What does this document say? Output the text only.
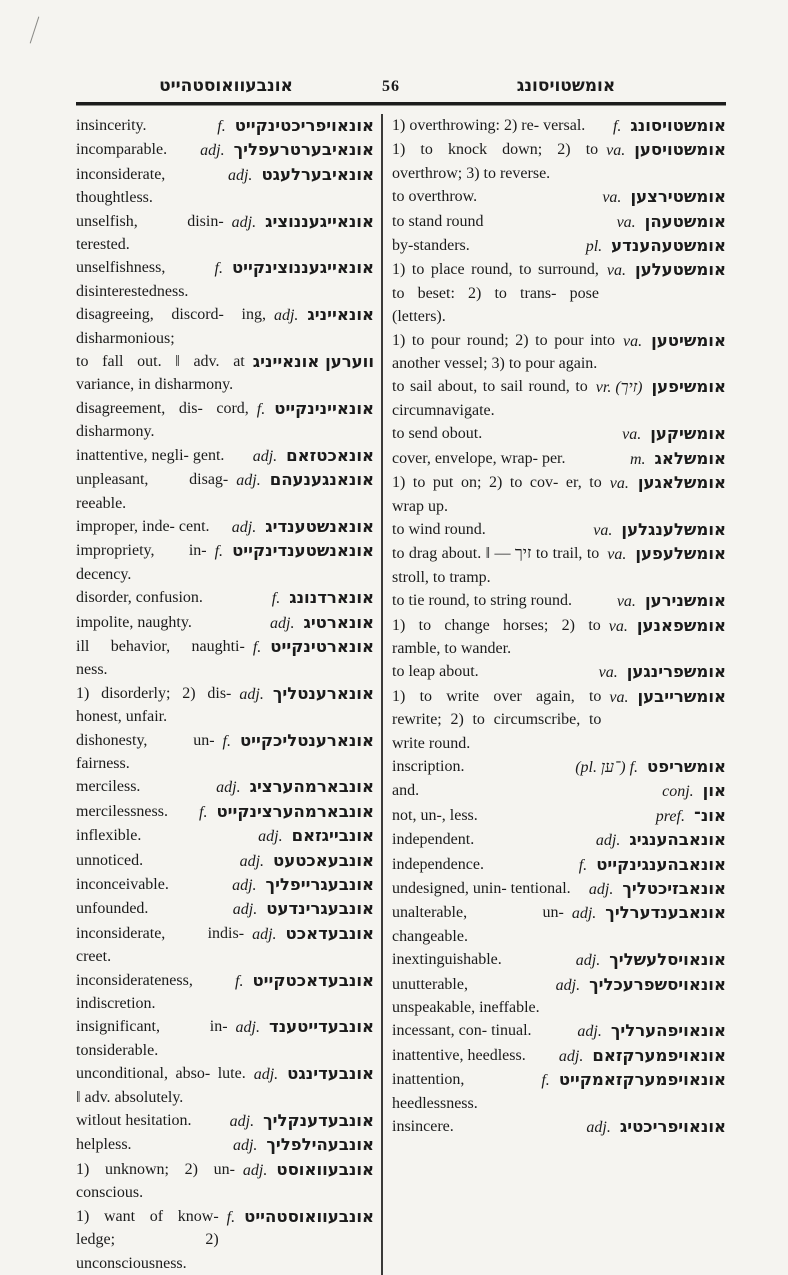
אונבעוואוסטהייט	56	אומשטויסונג

f. אונאויפריכטינקייט
insincerity.

adj. אונאיבערטרעפליך
incomparable.

adj. אונאיבערלעגט
inconsiderate, thoughtless.

adj. אונאייגעננוציג
unselfish, disin- terested.

f. אונאייגעננוצינקייט
unselfishness, disinterestedness.

adj. אונאייניג
disagreeing, discord- ing, disharmonious;

ווערען אונאייניג
to fall out. ‖ adv. at variance, in disharmony.

f. אונאיינינקייט
disagreement, dis- cord, disharmony.

adj. אונאכטזאם
inattentive, negli- gent.

adj. אונאנגענעהם
unpleasant, disag- reeable.

adj. אונאנשטענדיג
improper, inde- cent.

f. אונאנשטענדינקייט
impropriety, in- decency.

f. אונארדנונג
disorder, confusion.

adj. אונארטיג
impolite, naughty.

f. אונארטינקייט
ill behavior, naughti- ness.

adj. אונארענטליך
1) disorderly; 2) dis- honest, unfair.

f. אונארענטליכקייט
dishonesty, un- fairness.

adj. אונבארמהערציג
merciless.

f. אונבארמהערצינקייט
mercilessness.

adj. אונבייגזאם
inflexible.

adj. אונבעאכטעט
unnoticed.

adj. אונבעגרייפליך
inconceivable.

adj. אונבעגרינדעט
unfounded.

adj. אונבעדאכט
inconsiderate, indis- creet.

f. אונבעדאכטקייט
inconsiderateness, indiscretion.

adj. אונבעדייטענד
insignificant, in- tonsiderable.

adj. אונבעדינגט
unconditional, abso- lute. ‖ adv. absolutely.

adj. אונבעדענקליך
witlout hesitation.

adj. אונבעהילפליך
helpless.

adj. אונבעוואוסט
1) unknown; 2) un- conscious.

f. אונבעוואוסטהייט
1) want of know- ledge; 2) unconsciousness.

f. אומשטויסונג
1) overthrowing: 2) re- versal.

va. אומשטויסען
1) to knock down; 2) to overthrow; 3) to reverse.

va. אומשטירצען
to overthrow.

va. אומשטעהן
to stand round

pl. אומשטעהענדע
by-standers.

va. אומשטעלען
1) to place round, to surround, to beset: 2) to trans- pose (letters).

va. אומשיטען
1) to pour round; 2) to pour into another vessel; 3) to pour again.

vr. (זיך) אומשיפען
to sail about, to sail round, to circumnavigate.

va. אומשיקען
to send obout.

m. אומשלאג
cover, envelope, wrap- per.

va. אומשלאגען
1) to put on; 2) to cov- er, to wrap up.

va. אומשלענגלען
to wind round.

va. אומשלעפען
to drag about. ‖ — זיך to trail, to stroll, to tramp.

va. אומשנירען
to tie round, to string round.

va. אומשפאנען
1) to change horses; 2) to ramble, to wander.

va. אומשפרינגען
to leap about.

va. אומשרייבען
1) to write over again, to rewrite; 2) to circumscribe, to write round.

(pl. ־ען) f. אומשריפט
inscription.

conj. און
and.

pref. אונ־
not, un-, less.

adj. אונאבהענגיג
independent.

f. אונאבהענגינקייט
independence.

adj. אונאבזיכטליך
undesigned, unin- tentional.

adj. אונאבענדערליך
unalterable, un- changeable.

adj. אונאויסלעשליך
inextinguishable.

adj. אונאויסשפרעכליך
unutterable, unspeakable, ineffable.

adj. אונאויפהערליך
incessant, con- tinual.

adj. אונאויפמערקזאם
inattentive, heedless.

f. אונאויפמערקזאמקייט
inattention, heedlessness.

adj. אונאויפריכטיג
insincere.
